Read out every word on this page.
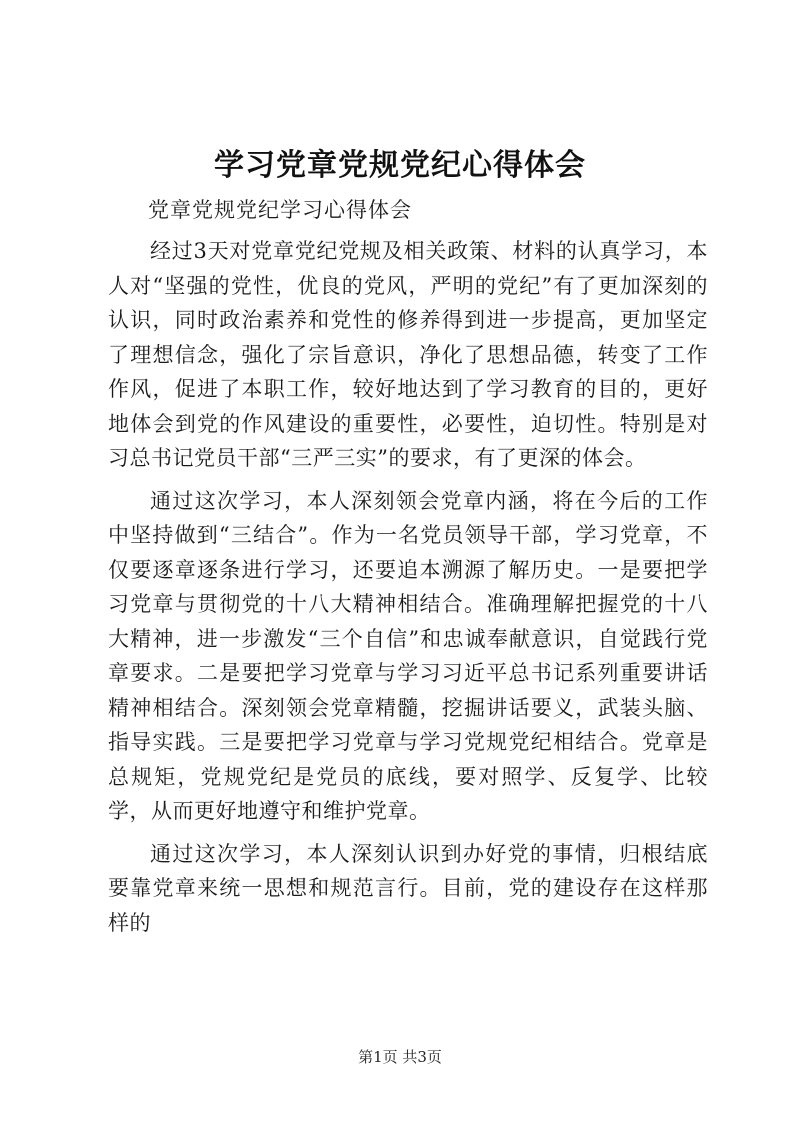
学习党章党规党纪心得体会
党章党规党纪学习心得体会

经过3天对党章党纪党规及相关政策、材料的认真学习，本人对“坚强的党性，优良的党风，严明的党纪”有了更加深刻的认识，同时政治素养和党性的修养得到进一步提高，更加坚定了理想信念，强化了宗旨意识，净化了思想品德，转变了工作作风，促进了本职工作，较好地达到了学习教育的目的，更好地体会到党的作风建设的重要性，必要性，迫切性。特别是对习总书记党员干部“三严三实”的要求，有了更深的体会。

通过这次学习，本人深刻领会党章内涵，将在今后的工作中坚持做到“三结合”。作为一名党员领导干部，学习党章，不仅要逐章逐条进行学习，还要追本溯源了解历史。一是要把学习党章与贯彻党的十八大精神相结合。准确理解把握党的十八大精神，进一步激发“三个自信”和忠诚奉献意识，自觉践行党章要求。二是要把学习党章与学习习近平总书记系列重要讲话精神相结合。深刻领会党章精髓，挖掘讲话要义，武装头脑、指导实践。三是要把学习党章与学习党规党纪相结合。党章是总规矩，党规党纪是党员的底线，要对照学、反复学、比较学，从而更好地遵守和维护党章。

通过这次学习，本人深刻认识到办好党的事情，归根结底要靠党章来统一思想和规范言行。目前，党的建设存在这样那样的

第1页 共3页
